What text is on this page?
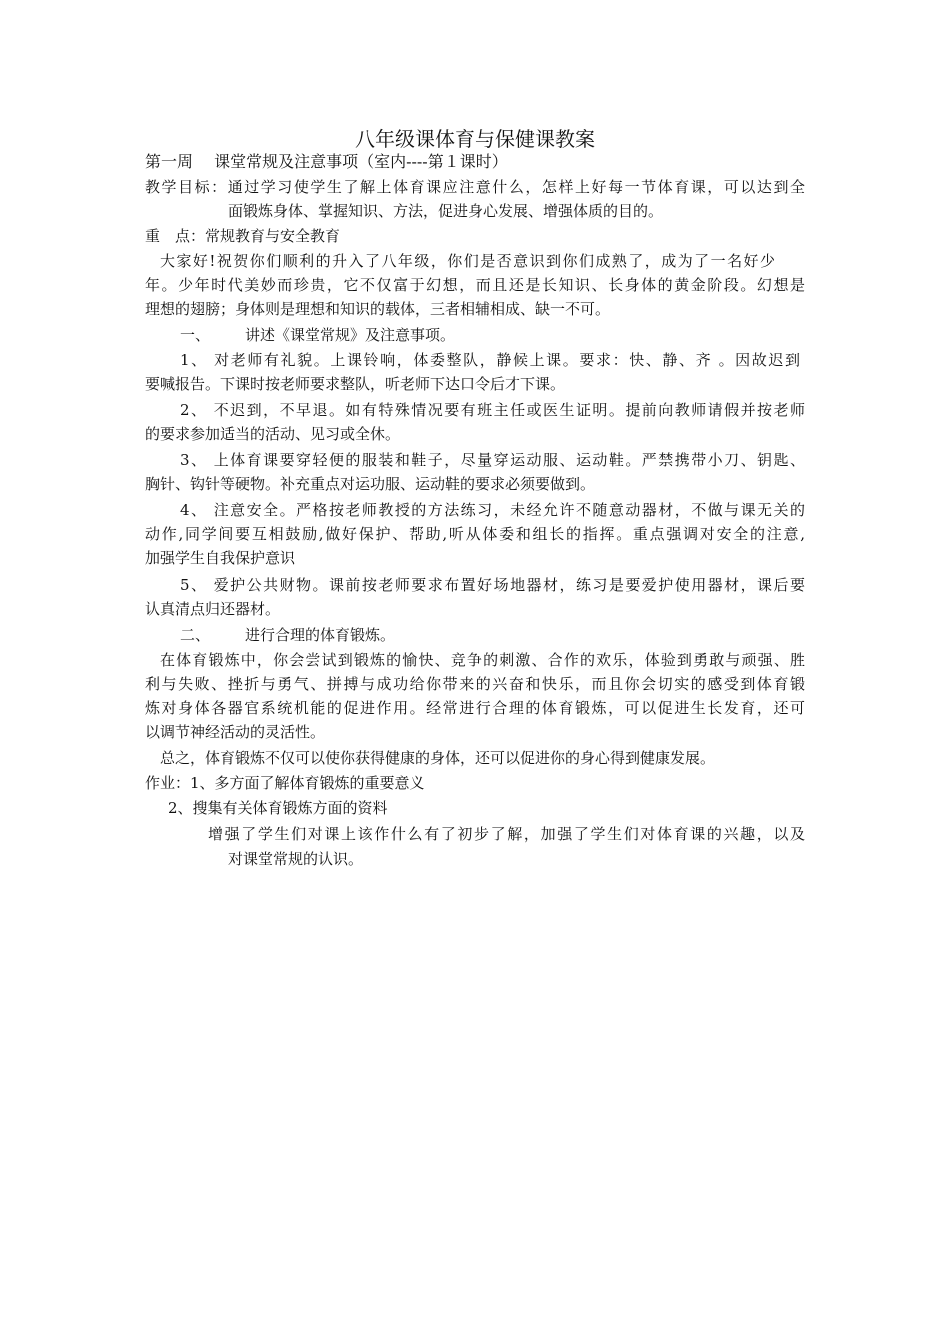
八年级课体育与保健课教案
第一周　 课堂常规及注意事项（室内----第１课时）
教学目标：通过学习使学生了解上体育课应注意什么，怎样上好每一节体育课，可以达到全
面锻炼身体、掌握知识、方法，促进身心发展、增强体质的目的。
重　点：常规教育与安全教育
大家好!祝贺你们顺利的升入了八年级，你们是否意识到你们成熟了，成为了一名好少
年。少年时代美妙而珍贵，它不仅富于幻想，而且还是长知识、长身体的黄金阶段。幻想是
理想的翅膀；身体则是理想和知识的载体，三者相辅相成、缺一不可。
一、 讲述《课堂常规》及注意事项。
1、 对老师有礼貌。上课铃响，体委整队，静候上课。要求：快、静、齐 。因故迟到
要喊报告。下课时按老师要求整队，听老师下达口令后才下课。
2、 不迟到，不早退。如有特殊情况要有班主任或医生证明。提前向教师请假并按老师
的要求参加适当的活动、见习或全休。
3、 上体育课要穿轻便的服装和鞋子，尽量穿运动服、运动鞋。严禁携带小刀、钥匙、
胸针、钩针等硬物。补充重点对运功服、运动鞋的要求必须要做到。
4、 注意安全。严格按老师教授的方法练习，未经允许不随意动器材，不做与课无关的
动作,同学间要互相鼓励,做好保护、帮助,听从体委和组长的指挥。重点强调对安全的注意,
加强学生自我保护意识
5、 爱护公共财物。课前按老师要求布置好场地器材，练习是要爱护使用器材，课后要
认真清点归还器材。
二、 进行合理的体育锻炼。
在体育锻炼中，你会尝试到锻炼的愉快、竞争的刺激、合作的欢乐，体验到勇敢与顽强、胜
利与失败、挫折与勇气、拼搏与成功给你带来的兴奋和快乐，而且你会切实的感受到体育锻
炼对身体各器官系统机能的促进作用。经常进行合理的体育锻炼，可以促进生长发育，还可
以调节神经活动的灵活性。
总之，体育锻炼不仅可以使你获得健康的身体，还可以促进你的身心得到健康发展。
作业：1、多方面了解体育锻炼的重要意义
2、搜集有关体育锻炼方面的资料
增强了学生们对课上该作什么有了初步了解，加强了学生们对体育课的兴趣，以及
对课堂常规的认识。
